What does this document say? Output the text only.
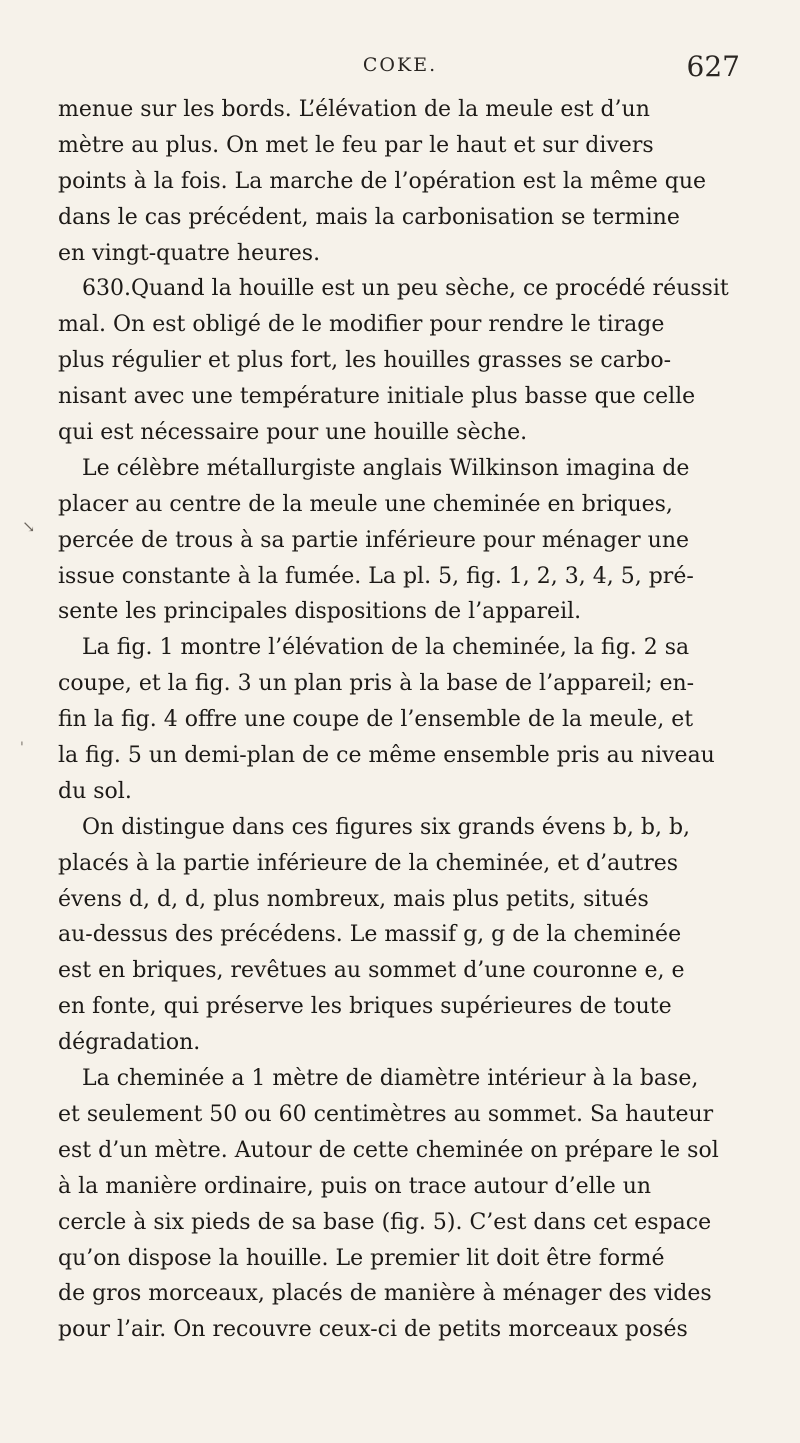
COKE.	627
↘
'
menue sur les bords. L’élévation de la meule est d’un
mètre au plus. On met le feu par le haut et sur divers
points à la fois. La marche de l’opération est la même que
dans le cas précédent, mais la carbonisation se termine
en vingt-quatre heures.
630.Quand la houille est un peu sèche, ce procédé réussit
mal. On est obligé de le modifier pour rendre le tirage
plus régulier et plus fort, les houilles grasses se carbo-
nisant avec une température initiale plus basse que celle
qui est nécessaire pour une houille sèche.
Le célèbre métallurgiste anglais Wilkinson imagina de
placer au centre de la meule une cheminée en briques,
percée de trous à sa partie inférieure pour ménager une
issue constante à la fumée. La pl. 5, fig. 1, 2, 3, 4, 5, pré-
sente les principales dispositions de l’appareil.
La fig. 1 montre l’élévation de la cheminée, la fig. 2 sa
coupe, et la fig. 3 un plan pris à la base de l’appareil; en-
fin la fig. 4 offre une coupe de l’ensemble de la meule, et
la fig. 5 un demi-plan de ce même ensemble pris au niveau
du sol.
On distingue dans ces figures six grands évens b, b, b,
placés à la partie inférieure de la cheminée, et d’autres
évens d, d, d, plus nombreux, mais plus petits, situés
au-dessus des précédens. Le massif g, g de la cheminée
est en briques, revêtues au sommet d’une couronne e, e
en fonte, qui préserve les briques supérieures de toute
dégradation.
La cheminée a 1 mètre de diamètre intérieur à la base,
et seulement 50 ou 60 centimètres au sommet. Sa hauteur
est d’un mètre. Autour de cette cheminée on prépare le sol
à la manière ordinaire, puis on trace autour d’elle un
cercle à six pieds de sa base (fig. 5). C’est dans cet espace
qu’on dispose la houille. Le premier lit doit être formé
de gros morceaux, placés de manière à ménager des vides
pour l’air. On recouvre ceux-ci de petits morceaux posés
